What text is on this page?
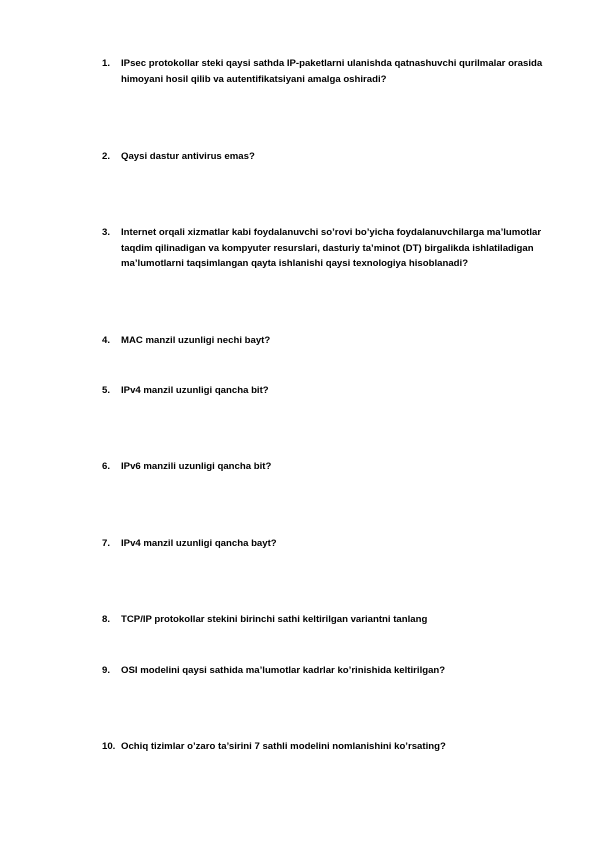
1.	IPsec protokollar steki qaysi sathda IP-paketlarni ulanishda qatnashuvchi qurilmalar orasida himoyani hosil qilib va autentifikatsiyani amalga oshiradi?
2.	Qaysi dastur antivirus emas?
3.	Internet orqali xizmatlar kabi foydalanuvchi so’rovi bo’yicha foydalanuvchilarga ma’lumotlar taqdim qilinadigan va kompyuter resurslari, dasturiy ta’minot (DT) birgalikda ishlatiladigan ma’lumotlarni taqsimlangan qayta ishlanishi qaysi texnologiya hisoblanadi?
4.	MAC manzil uzunligi nechi bayt?
5.	IPv4 manzil uzunligi qancha bit?
6.	IPv6 manzili uzunligi qancha bit?
7.	IPv4 manzil uzunligi qancha bayt?
8.	TCP/IP protokollar stekini birinchi sathi keltirilgan variantni tanlang
9.	OSI modelini qaysi sathida ma’lumotlar kadrlar ko’rinishida keltirilgan?
10. Ochiq tizimlar o’zaro ta’sirini 7 sathli modelini nomlanishini ko’rsating?
